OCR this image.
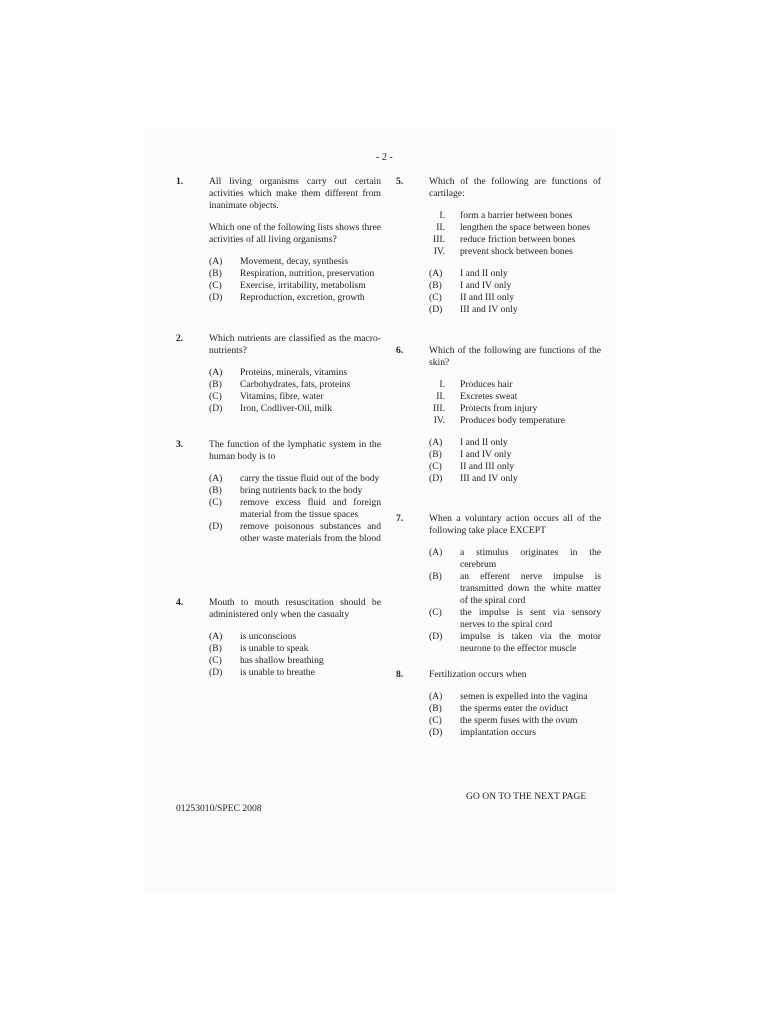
- 2 -
1.	All living organisms carry out certain activities which make them different from inanimate objects.
Which one of the following lists shows three activities of all living organisms?
(A) Movement, decay, synthesis
(B) Respiration, nutrition, preservation
(C) Exercise, irritability, metabolism
(D) Reproduction, excretion, growth
2.	Which nutrients are classified as the macro-nutrients?
(A) Proteins, minerals, vitamins
(B) Carbohydrates, fats, proteins
(C) Vitamins, fibre, water
(D) Iron, Codliver-Oil, milk
3.	The function of the lymphatic system in the human body is to
(A) carry the tissue fluid out of the body
(B) bring nutrients back to the body
(C) remove excess fluid and foreign material from the tissue spaces
(D) remove poisonous substances and other waste materials from the blood
4.	Mouth to mouth resuscitation should be administered only when the casualty
(A) is unconscious
(B) is unable to speak
(C) has shallow breathing
(D) is unable to breathe
5.	Which of the following are functions of cartilage:
I. form a barrier between bones
II. lengthen the space between bones
III. reduce friction between bones
IV. prevent shock between bones
(A) I and II only
(B) I and IV only
(C) II and III only
(D) III and IV only
6.	Which of the following are functions of the skin?
I. Produces hair
II. Excretes sweat
III. Protects from injury
IV. Produces body temperature
(A) I and II only
(B) I and IV only
(C) II and III only
(D) III and IV only
7.	When a voluntary action occurs all of the following take place EXCEPT
(A) a stimulus originates in the cerebrum
(B) an efferent nerve impulse is transmitted down the white matter of the spiral cord
(C) the impulse is sent via sensory nerves to the spiral cord
(D) impulse is taken via the motor neurone to the effector muscle
8.	Fertilization occurs when
(A) semen is expelled into the vagina
(B) the sperms enter the oviduct
(C) the sperm fuses with the ovum
(D) implantation occurs
GO ON TO THE NEXT PAGE
01253010/SPEC 2008
